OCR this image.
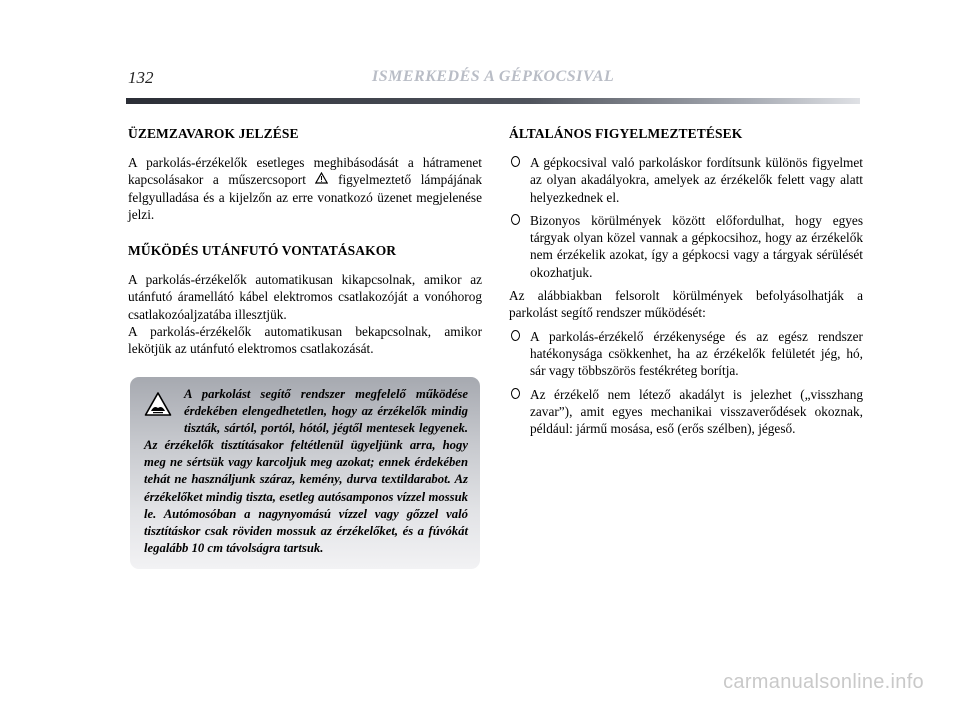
132	ISMERKEDÉS A GÉPKOCSIVAL
ÜZEMZAVAROK JELZÉSE

A parkolás-érzékelők esetleges meghibásodását a hátramenet kapcsolásakor a műszercsoport figyelmeztető lámpájának felgyulladása és a kijelzőn az erre vonatkozó üzenet megjelenése jelzi.

MŰKÖDÉS UTÁNFUTÓ VONTATÁSAKOR

A parkolás-érzékelők automatikusan kikapcsolnak, amikor az utánfutó áramellátó kábel elektromos csatlakozóját a vonóhorog csatlakozóaljzatába illesztjük.

A parkolás-érzékelők automatikusan bekapcsolnak, amikor lekötjük az utánfutó elektromos csatlakozását.

A parkolást segítő rendszer megfelelő működése érdekében elengedhetetlen, hogy az érzékelők mindig tiszták, sártól, portól, hótól, jégtől mentesek legyenek. Az érzékelők tisztításakor feltétlenül ügyeljünk arra, hogy meg ne sértsük vagy karcoljuk meg azokat; ennek érdekében tehát ne használjunk száraz, kemény, durva textildarabot. Az érzékelőket mindig tiszta, esetleg autósamponos vízzel mossuk le. Autómosóban a nagynyomású vízzel vagy gőzzel való tisztításkor csak röviden mossuk az érzékelőket, és a fúvókát legalább 10 cm távolságra tartsuk.

ÁLTALÁNOS FIGYELMEZTETÉSEK
A gépkocsival való parkoláskor fordítsunk különös figyelmet az olyan akadályokra, amelyek az érzékelők felett vagy alatt helyezkednek el.
Bizonyos körülmények között előfordulhat, hogy egyes tárgyak olyan közel vannak a gépkocsihoz, hogy az érzékelők nem érzékelik azokat, így a gépkocsi vagy a tárgyak sérülését okozhatjuk.

Az alábbiakban felsorolt körülmények befolyásolhatják a parkolást segítő rendszer működését:

A parkolás-érzékelő érzékenysége és az egész rendszer hatékonysága csökkenhet, ha az érzékelők felületét jég, hó, sár vagy többszörös festékréteg borítja.
Az érzékelő nem létező akadályt is jelezhet („visszhang zavar”), amit egyes mechanikai visszaverődések okoznak, például: jármű mosása, eső (erős szélben), jégeső.
carmanualsonline.info
